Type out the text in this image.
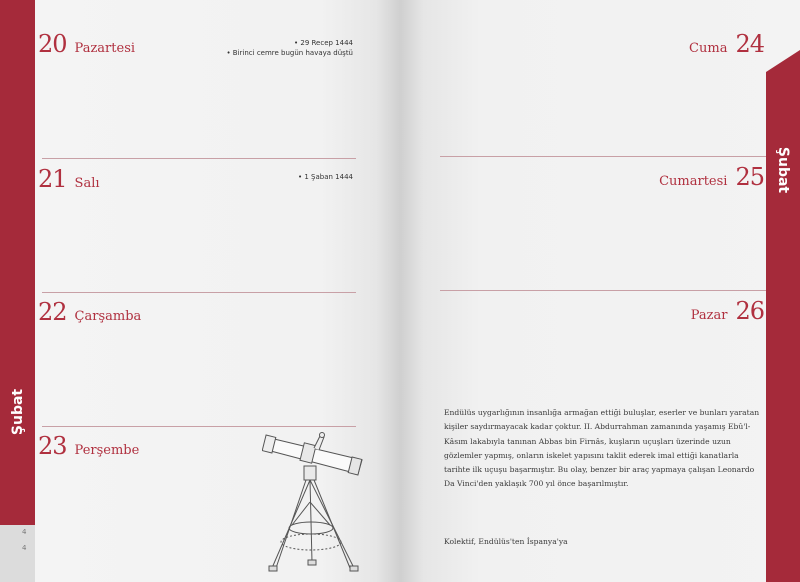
Şubat
4
4
Şubat
20 Pazartesi	• 29 Recep 1444
• Birinci cemre bugün havaya düştü
21 Salı	• 1 Şaban 1444
22 Çarşamba
23 Perşembe
Cuma 24
Cumartesi 25
Pazar 26
Endülüs uygarlığının insanlığa armağan ettiği buluşlar, eserler ve bunları yaratan kişiler saydırmayacak kadar çoktur. II. Abdurrahman zamanında yaşamış Ebû'l-Kâsım lakabıyla tanınan Abbas bin Firnâs, kuşların uçuşları üzerinde uzun gözlemler yapmış, onların iskelet yapısını taklit ederek imal ettiği kanatlarla tarihte ilk uçuşu başarmıştır. Bu olay, benzer bir araç yapmaya çalışan Leonardo Da Vinci'den yaklaşık 700 yıl önce başarılmıştır.
Kolektif, Endülüs'ten İspanya'ya
